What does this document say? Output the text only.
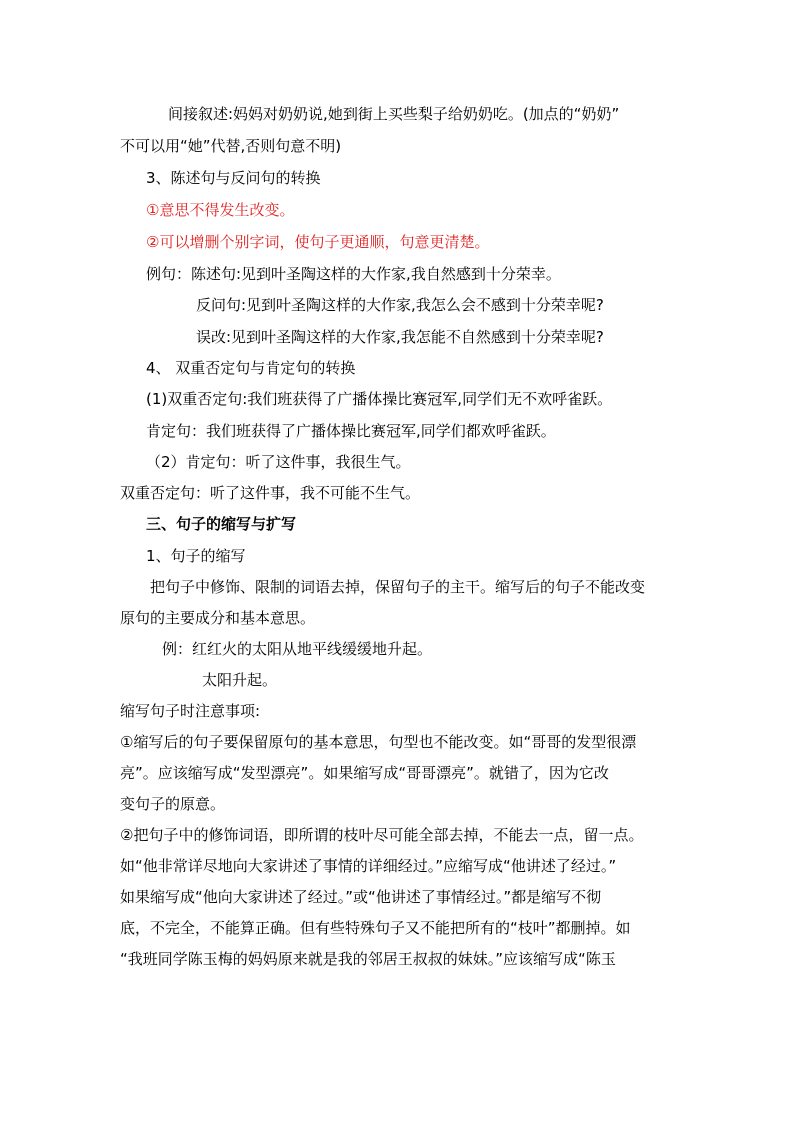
间接叙述:妈妈对奶奶说,她到街上买些梨子给奶奶吃。(加点的“奶奶”
不可以用“她”代替,否则句意不明)
3、陈述句与反问句的转换
①意思不得发生改变。
②可以增删个别字词，使句子更通顺，句意更清楚。
例句：陈述句:见到叶圣陶这样的大作家,我自然感到十分荣幸。
反问句:见到叶圣陶这样的大作家,我怎么会不感到十分荣幸呢?
误改:见到叶圣陶这样的大作家,我怎能不自然感到十分荣幸呢?
4、 双重否定句与肯定句的转换
(1)双重否定句:我们班获得了广播体操比赛冠军,同学们无不欢呼雀跃。
肯定句：我们班获得了广播体操比赛冠军,同学们都欢呼雀跃。
（2）肯定句：听了这件事，我很生气。
双重否定句：听了这件事，我不可能不生气。
三、句子的缩写与扩写
1、句子的缩写
把句子中修饰、限制的词语去掉，保留句子的主干。缩写后的句子不能改变
原句的主要成分和基本意思。
例：红红火的太阳从地平线缓缓地升起。
太阳升起。
缩写句子时注意事项:
①缩写后的句子要保留原句的基本意思，句型也不能改变。如“哥哥的发型很漂
亮”。应该缩写成“发型漂亮”。如果缩写成“哥哥漂亮”。就错了，因为它改
变句子的原意。
②把句子中的修饰词语，即所谓的枝叶尽可能全部去掉，不能去一点，留一点。
如“他非常详尽地向大家讲述了事情的详细经过。”应缩写成“他讲述了经过。”
如果缩写成“他向大家讲述了经过。”或“他讲述了事情经过。”都是缩写不彻
底，不完全，不能算正确。但有些特殊句子又不能把所有的“枝叶”都删掉。如
“我班同学陈玉梅的妈妈原来就是我的邻居王叔叔的妹妹。”应该缩写成“陈玉
